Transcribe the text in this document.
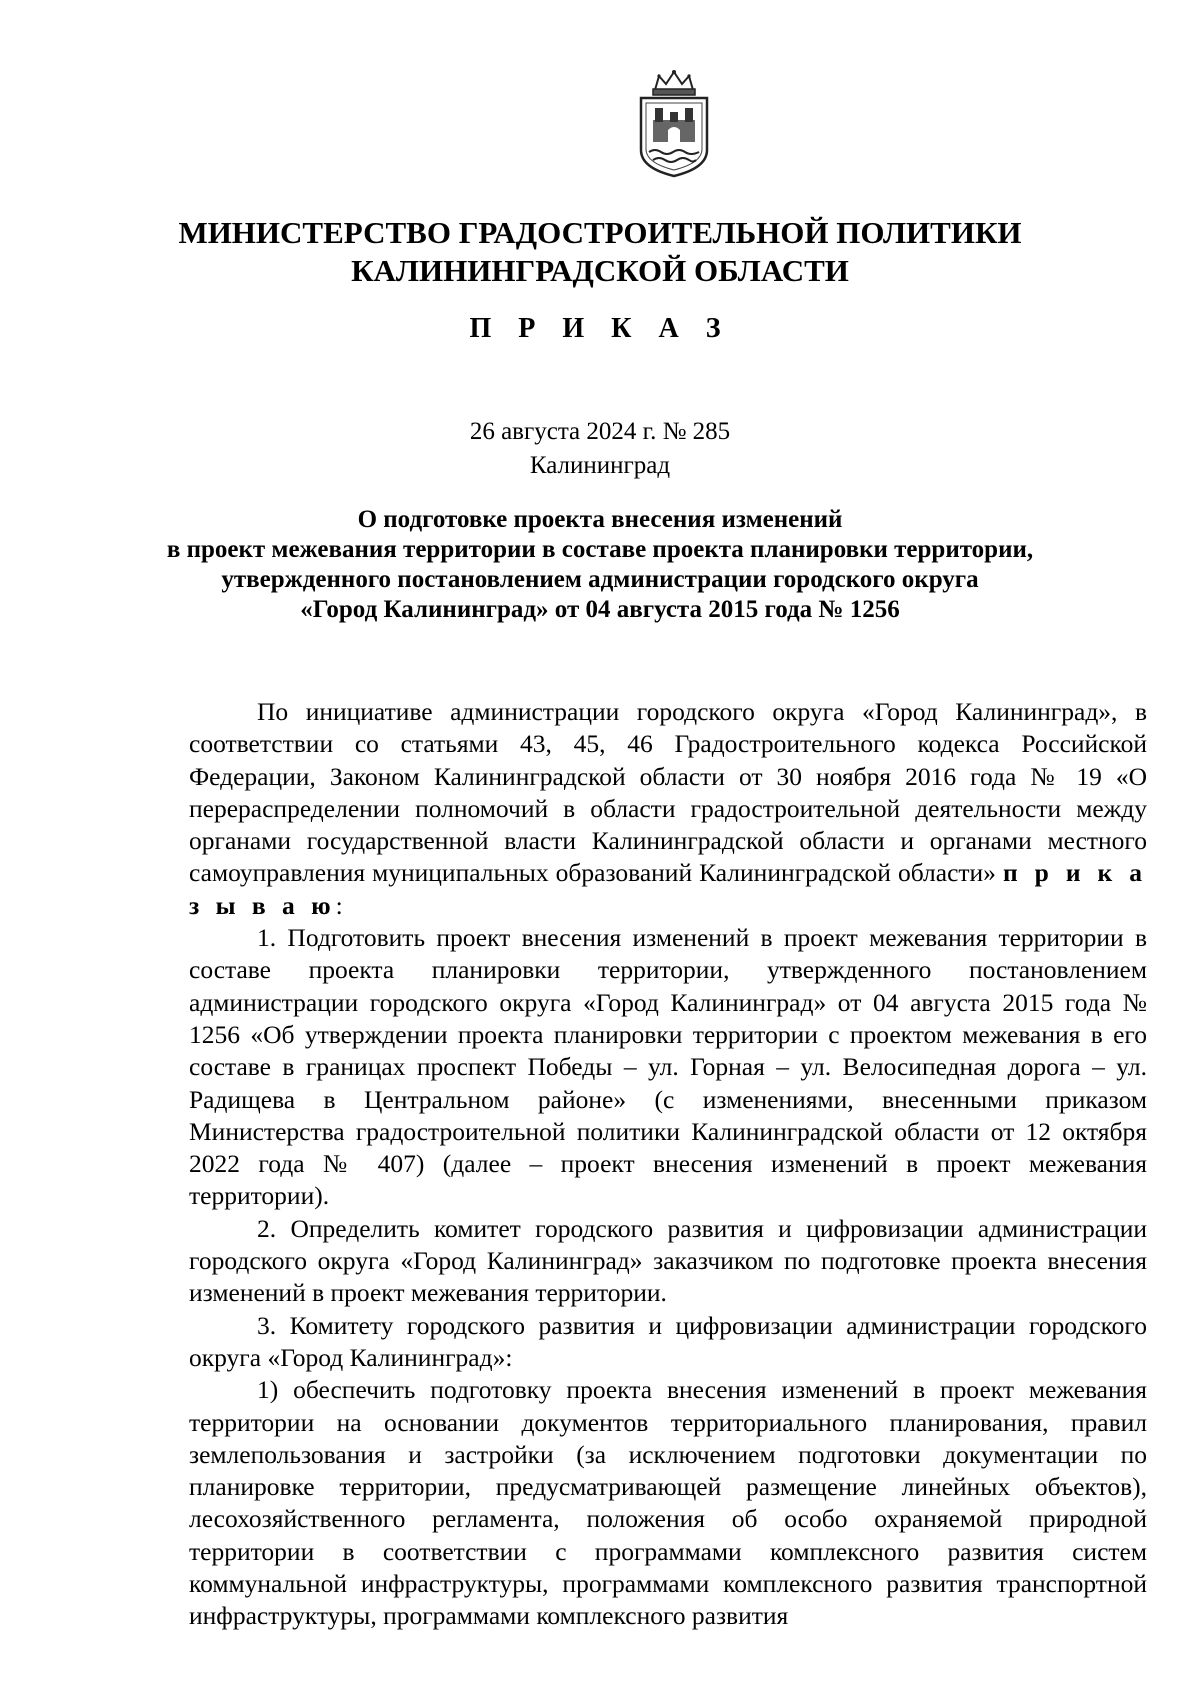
МИНИСТЕРСТВО ГРАДОСТРОИТЕЛЬНОЙ ПОЛИТИКИ
КАЛИНИНГРАДСКОЙ ОБЛАСТИ
П Р И К А З
26 августа 2024 г. № 285
Калининград
О подготовке проекта внесения изменений
в проект межевания территории в составе проекта планировки территории,
утвержденного постановлением администрации городского округа
«Город Калининград» от 04 августа 2015 года № 1256

По инициативе администрации городского округа «Город Калининград», в соответствии со статьями 43, 45, 46 Градостроительного кодекса Российской Федерации, Законом Калининградской области от 30 ноября 2016 года № 19 «О перераспределении полномочий в области градостроительной деятельности между органами государственной власти Калининградской области и органами местного самоуправления муниципальных образований Калининградской области» п р и к а з ы в а ю:

1. Подготовить проект внесения изменений в проект межевания территории в составе проекта планировки территории, утвержденного постановлением администрации городского округа «Город Калининград» от 04 августа 2015 года № 1256 «Об утверждении проекта планировки территории с проектом межевания в его составе в границах проспект Победы – ул. Горная – ул. Велосипедная дорога – ул. Радищева в Центральном районе» (с изменениями, внесенными приказом Министерства градостроительной политики Калининградской области от 12 октября 2022 года № 407) (далее – проект внесения изменений в проект межевания территории).

2. Определить комитет городского развития и цифровизации администрации городского округа «Город Калининград» заказчиком по подготовке проекта внесения изменений в проект межевания территории.

3. Комитету городского развития и цифровизации администрации городского округа «Город Калининград»:

1) обеспечить подготовку проекта внесения изменений в проект межевания территории на основании документов территориального планирования, правил землепользования и застройки (за исключением подготовки документации по планировке территории, предусматривающей размещение линейных объектов), лесохозяйственного регламента, положения об особо охраняемой природной территории в соответствии с программами комплексного развития систем коммунальной инфраструктуры, программами комплексного развития транспортной инфраструктуры, программами комплексного развития
